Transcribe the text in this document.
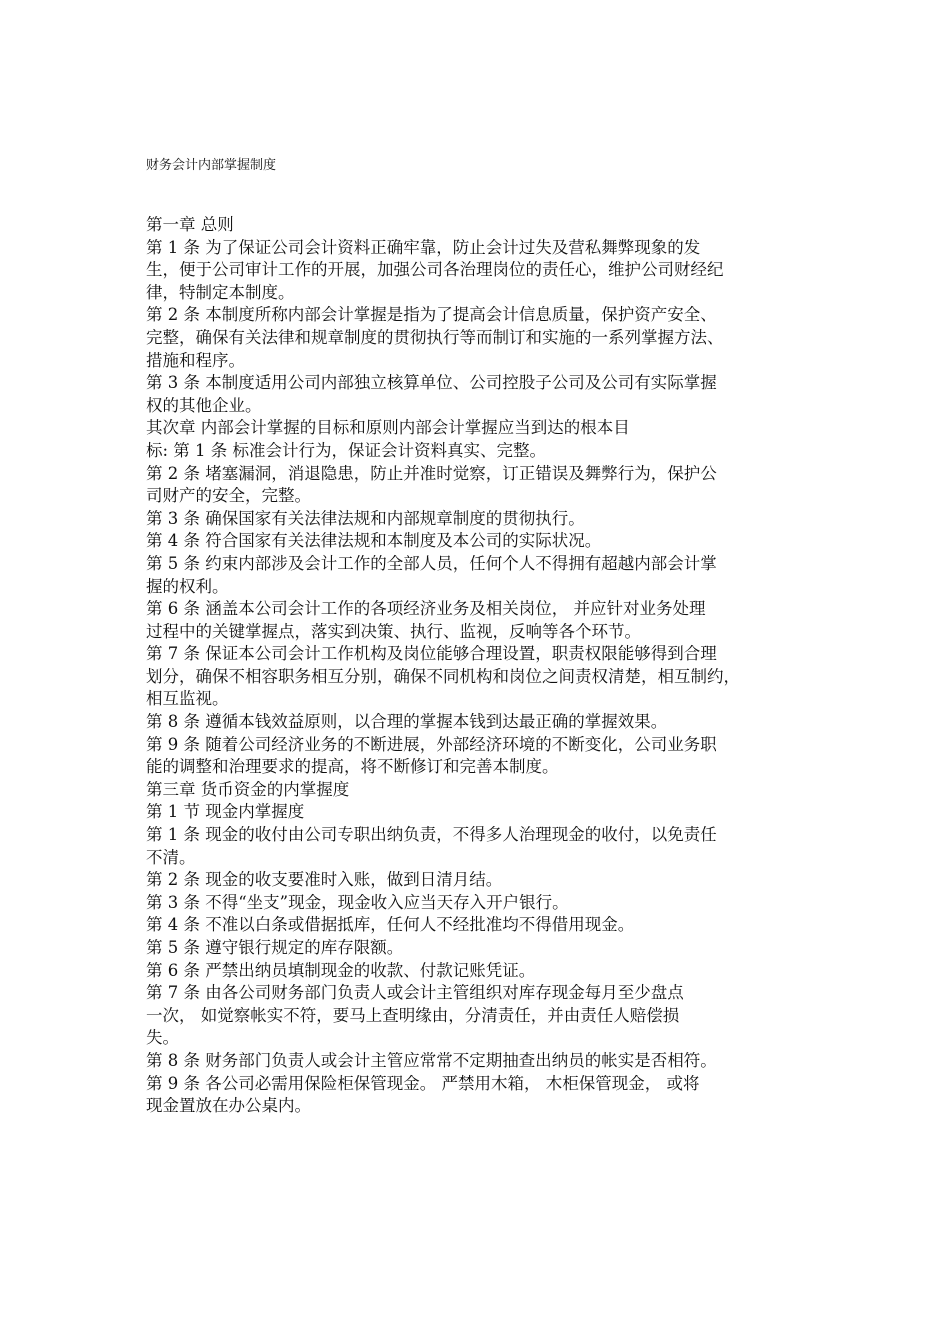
财务会计内部掌握制度
第一章 总则
第 1 条 为了保证公司会计资料正确牢靠，防止会计过失及营私舞弊现象的发
生，便于公司审计工作的开展，加强公司各治理岗位的责任心，维护公司财经纪
律，特制定本制度。
第 2 条 本制度所称内部会计掌握是指为了提高会计信息质量，保护资产安全、
完整，确保有关法律和规章制度的贯彻执行等而制订和实施的一系列掌握方法、
措施和程序。
第 3 条 本制度适用公司内部独立核算单位、公司控股子公司及公司有实际掌握
权的其他企业。
其次章 内部会计掌握的目标和原则内部会计掌握应当到达的根本目
标: 第 1 条 标准会计行为，保证会计资料真实、完整。
第 2 条 堵塞漏洞，消退隐患，防止并准时觉察，订正错误及舞弊行为，保护公
司财产的安全，完整。
第 3 条 确保国家有关法律法规和内部规章制度的贯彻执行。
第 4 条 符合国家有关法律法规和本制度及本公司的实际状况。
第 5 条 约束内部涉及会计工作的全部人员，任何个人不得拥有超越内部会计掌
握的权利。
第 6 条 涵盖本公司会计工作的各项经济业务及相关岗位， 并应针对业务处理
过程中的关键掌握点，落实到决策、执行、监视，反响等各个环节。
第 7 条 保证本公司会计工作机构及岗位能够合理设置，职责权限能够得到合理
划分，确保不相容职务相互分别，确保不同机构和岗位之间责权清楚，相互制约，
相互监视。
第 8 条 遵循本钱效益原则，以合理的掌握本钱到达最正确的掌握效果。
第 9 条 随着公司经济业务的不断进展，外部经济环境的不断变化，公司业务职
能的调整和治理要求的提高，将不断修订和完善本制度。
第三章 货币资金的内掌握度
第 1 节 现金内掌握度
第 1 条 现金的收付由公司专职出纳负责，不得多人治理现金的收付，以免责任
不清。
第 2 条 现金的收支要准时入账，做到日清月结。
第 3 条 不得“坐支”现金，现金收入应当天存入开户银行。
第 4 条 不准以白条或借据抵库，任何人不经批准均不得借用现金。
第 5 条 遵守银行规定的库存限额。
第 6 条 严禁出纳员填制现金的收款、付款记账凭证。
第 7 条 由各公司财务部门负责人或会计主管组织对库存现金每月至少盘点
一次， 如觉察帐实不符，要马上查明缘由，分清责任，并由责任人赔偿损
失。
第 8 条 财务部门负责人或会计主管应常常不定期抽查出纳员的帐实是否相符。
第 9 条 各公司必需用保险柜保管现金。 严禁用木箱， 木柜保管现金， 或将
现金置放在办公桌内。
